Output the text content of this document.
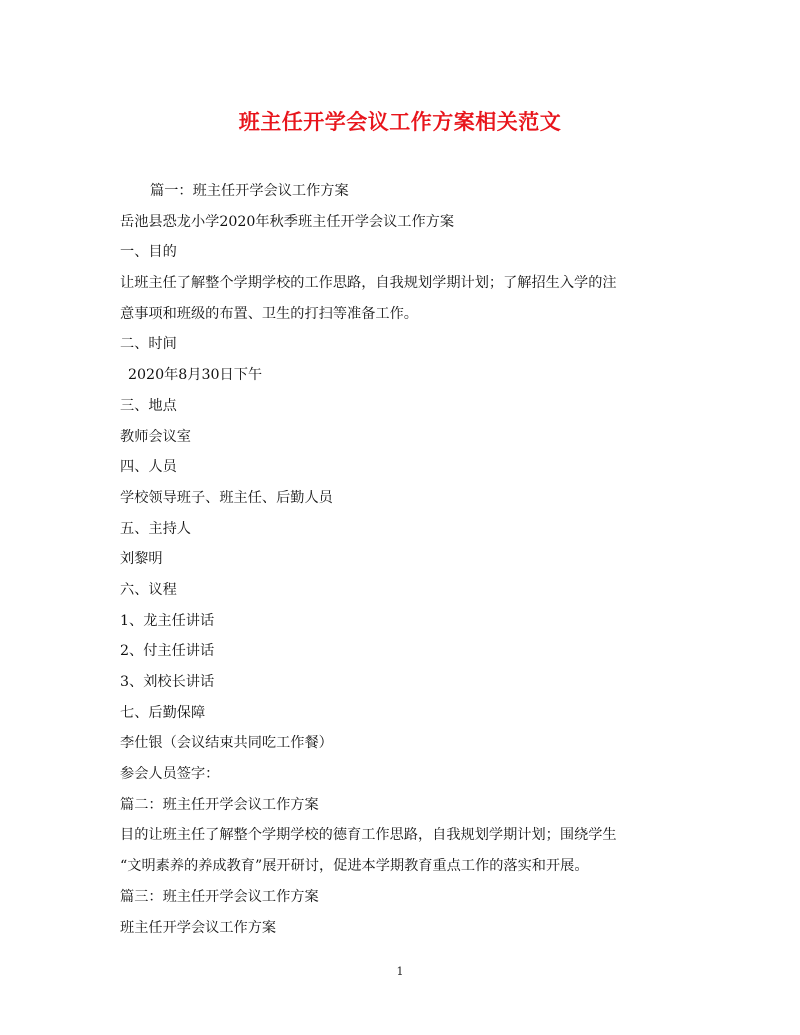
班主任开学会议工作方案相关范文
篇一：班主任开学会议工作方案
岳池县恐龙小学2020年秋季班主任开学会议工作方案
一、目的
让班主任了解整个学期学校的工作思路，自我规划学期计划；了解招生入学的注
意事项和班级的布置、卫生的打扫等准备工作。
二、时间
2020年8月30日下午
三、地点
教师会议室
四、人员
学校领导班子、班主任、后勤人员
五、主持人
刘黎明
六、议程
1、龙主任讲话
2、付主任讲话
3、刘校长讲话
七、后勤保障
李仕银（会议结束共同吃工作餐）
参会人员签字：
篇二：班主任开学会议工作方案
目的让班主任了解整个学期学校的德育工作思路，自我规划学期计划；围绕学生
“文明素养的养成教育”展开研讨，促进本学期教育重点工作的落实和开展。
篇三：班主任开学会议工作方案
班主任开学会议工作方案
1
